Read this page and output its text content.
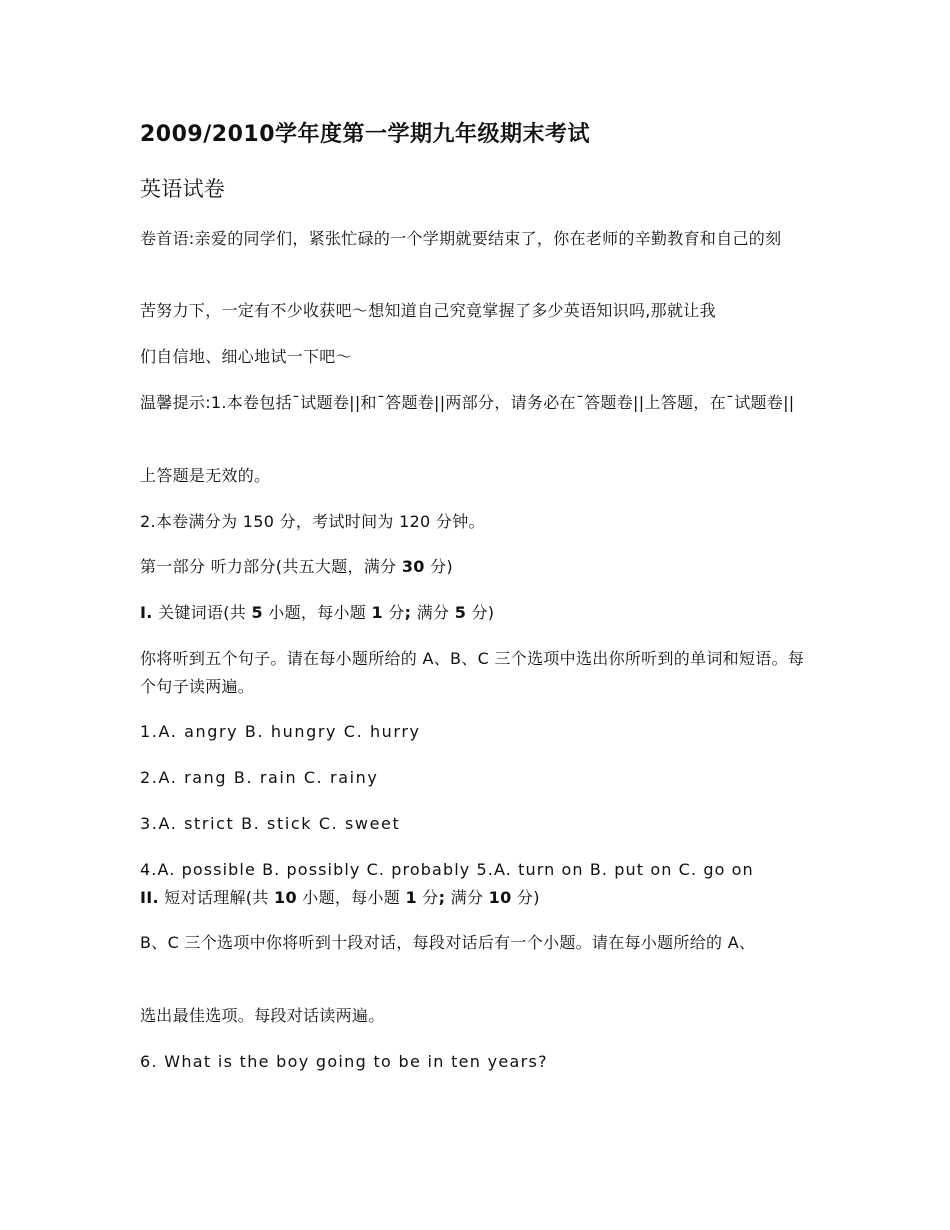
2009/2010学年度第一学期九年级期末考试

英语试卷

卷首语:亲爱的同学们，紧张忙碌的一个学期就要结束了，你在老师的辛勤教育和自己的刻

苦努力下，一定有不少收获吧～想知道自己究竟掌握了多少英语知识吗,那就让我

们自信地、细心地试一下吧～

温馨提示:1.本卷包括¯试题卷||和¯答题卷||两部分，请务必在¯答题卷||上答题，在¯试题卷||

上答题是无效的。

2.本卷满分为 150 分，考试时间为 120 分钟。

第一部分 听力部分(共五大题，满分 30 分)

I. 关键词语(共 5 小题，每小题 1 分; 满分 5 分)

你将听到五个句子。请在每小题所给的 A、B、C 三个选项中选出你所听到的单词和短语。每个句子读两遍。

1.A. angry B. hungry C. hurry

2.A. rang B. rain C. rainy

3.A. strict B. stick C. sweet

4.A. possible B. possibly C. probably 5.A. turn on B. put on C. go on

II. 短对话理解(共 10 小题，每小题 1 分; 满分 10 分)

B、C 三个选项中你将听到十段对话，每段对话后有一个小题。请在每小题所给的 A、

选出最佳选项。每段对话读两遍。

6. What is the boy going to be in ten years?
